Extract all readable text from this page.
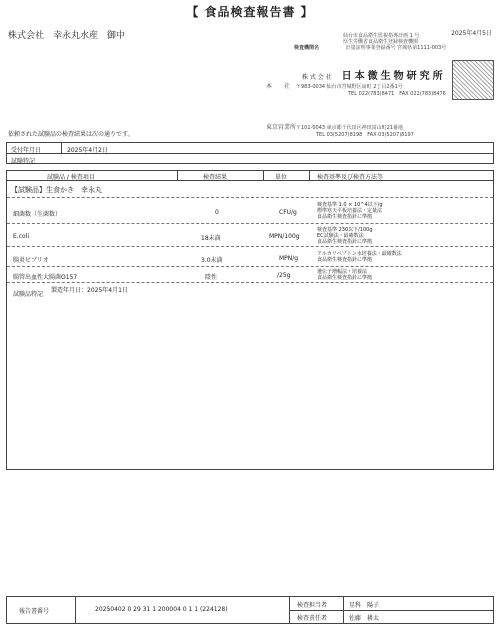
【 食品検査報告書 】
株式会社　幸永丸水産　御中	2025年4月5日
仙台市食品衛生監視指導計画 1 号
厚生労働省食品衛生登録検査機関
検査機関名	計量証明事業登録番号 宮城県第1111-003号
株 式 会 社 日本微生物研究所
本　　社 〒983-0034 仙台市宮城野区扇町 2丁目2番1号
TEL 022(783)8471　FAX 022(783)8476
東京営業所〒101-0043 東京都千代田区神田富山町21番地
TEL 03(5207)8198　FAX 03(5207)8197
依頼された試験品の検査結果は次の通りです。
受付年月日	2025年4月2日
試験特記
試験品 / 検査項目	検査結果	単位	検査基準及び検査方法等
【試験品】生食かき　幸永丸
細菌数（生菌数）	0	CFU/g
検査基準 1.0 × 10^4以下/g
標準寒天平板培養法・定量法
食品衛生検査指針に準拠
E.coli	18未満	MPN/100g
検査基準 230以下/100g
EC試験法・最確数法
食品衛生検査指針に準拠
腸炎ビブリオ	3.0未満	MPN/g
アルカリペプトン水培養法・最確数法
食品衛生検査指針に準拠
腸管出血性大腸菌O157	陰性	/25g	遺伝子増幅法・培養法
食品衛生検査指針に準拠
試験品特記
製造年月日：2025年4月1日
報告書番号	20250402 0 29 31 1 200004 0 1 1 (224128)
検査担当者	星科　陽子
検査責任者	佐藤　耕太
